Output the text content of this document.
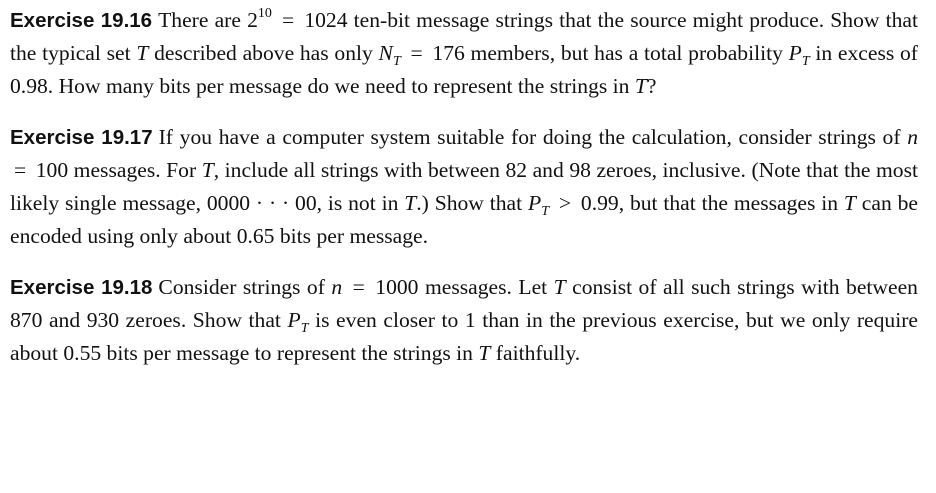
Exercise 19.16 There are $2^{10} = 1024$ ten-bit message strings that the source might produce. Show that the typical set T described above has only $N_T = 176$ members, but has a total probability $P_T$ in excess of 0.98. How many bits per message do we need to represent the strings in T?

Exercise 19.17 If you have a computer system suitable for doing the calculation, consider strings of n = 100 messages. For T, include all strings with between 82 and 98 zeroes, inclusive. (Note that the most likely single message, 0000 · · · 00, is not in T.) Show that $P_T > 0.99$, but that the messages in T can be encoded using only about 0.65 bits per message.

Exercise 19.18 Consider strings of n = 1000 messages. Let T consist of all such strings with between 870 and 930 zeroes. Show that $P_T$ is even closer to 1 than in the previous exercise, but we only require about 0.55 bits per message to represent the strings in T faithfully.
